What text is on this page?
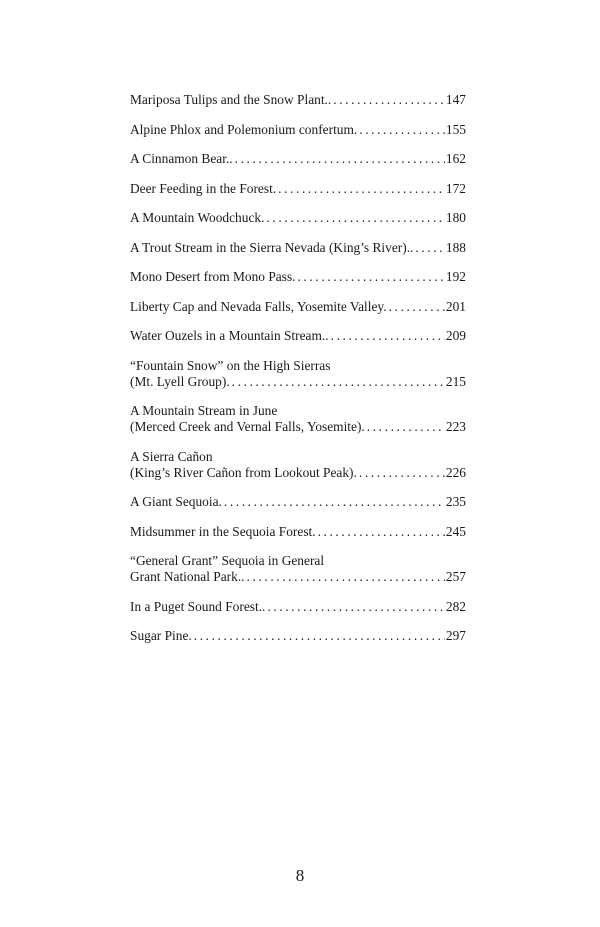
Mariposa Tulips and the Snow Plant.. .....	147
Alpine Phlox and Polemonium confertum. .....	155
A Cinnamon Bear.. .....	162
Deer Feeding in the Forest. .....	172
A Mountain Woodchuck. .....	180
A Trout Stream in the Sierra Nevada (King’s River).. ..... 188
Mono Desert from Mono Pass. .....	192
Liberty Cap and Nevada Falls, Yosemite Valley. .....	201
Water Ouzels in a Mountain Stream.. .....	209
“Fountain Snow” on the High Sierras
(Mt. Lyell Group). .....	215
A Mountain Stream in June
(Merced Creek and Vernal Falls, Yosemite). .....	223
A Sierra Cañon
(King’s River Cañon from Lookout Peak). .....	226
A Giant Sequoia. .....	235
Midsummer in the Sequoia Forest. .....	245
“General Grant” Sequoia in General
Grant National Park.. .....	257
In a Puget Sound Forest.. .....	282
Sugar Pine. .....	297
8
